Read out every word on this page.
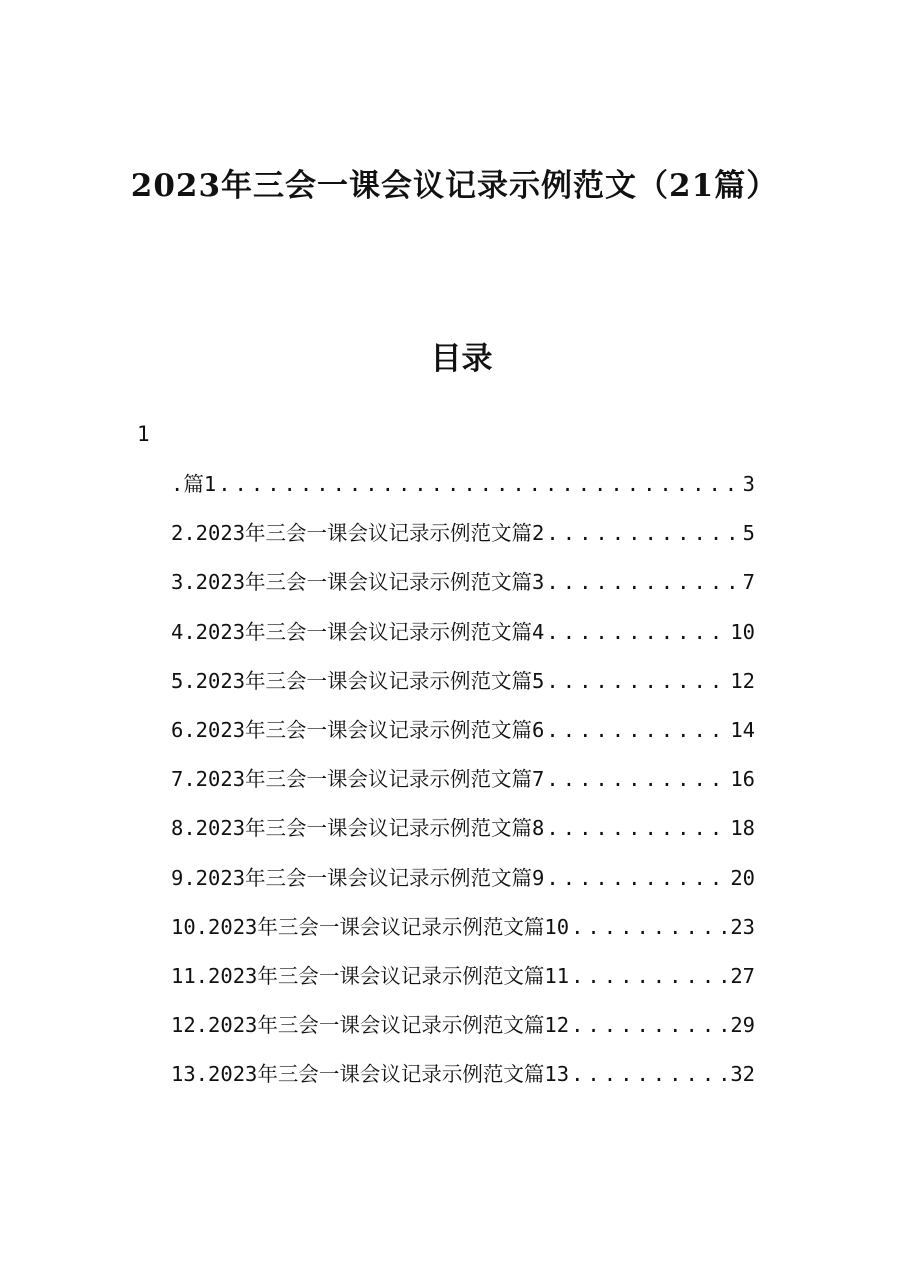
2023年三会一课会议记录示例范文（21篇）
目录
1
.篇1 .....	3
2.2023年三会一课会议记录示例范文篇2 .....	5
3.2023年三会一课会议记录示例范文篇3 .....	7
4.2023年三会一课会议记录示例范文篇4 .....	10
5.2023年三会一课会议记录示例范文篇5 .....	12
6.2023年三会一课会议记录示例范文篇6 .....	14
7.2023年三会一课会议记录示例范文篇7 .....	16
8.2023年三会一课会议记录示例范文篇8 .....	18
9.2023年三会一课会议记录示例范文篇9 .....	20
10.2023年三会一课会议记录示例范文篇10 .....	23
11.2023年三会一课会议记录示例范文篇11 .....	27
12.2023年三会一课会议记录示例范文篇12 .....	29
13.2023年三会一课会议记录示例范文篇13 .....	32
